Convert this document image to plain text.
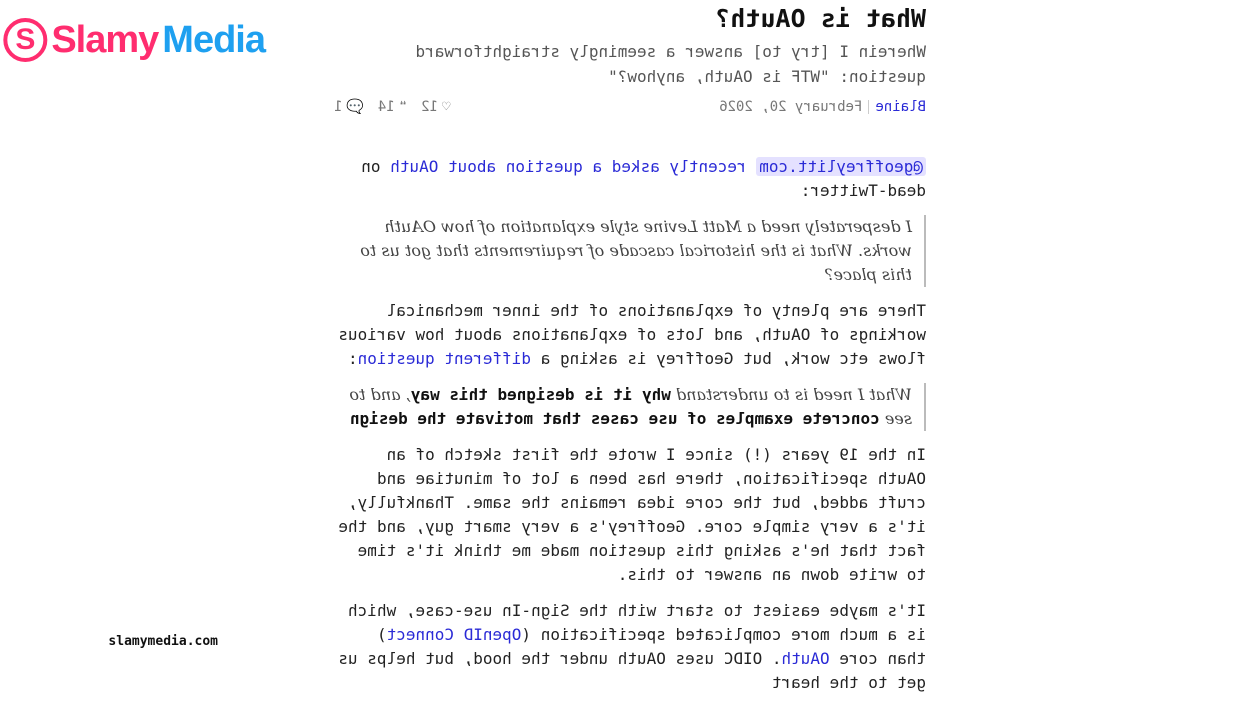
S Slamy Media	What is OAuth?

Wherein I [try to] answer a seemingly straightforward question: "WTF is OAuth, anyhow?"

BlaineFebruary 20, 2026
♡
12
❝
14
💬
1

@geoffreylitt.com recently asked a question about OAuth on dead-Twitter:

I desperately need a Matt Levine style explanation of how OAuth works. What is the historical cascade of requirements that got us to this place?

There are plenty of explanations of the inner mechanical workings of OAuth, and lots of explanations about how various flows etc work, but Geoffrey is asking a different question:

What I need is to understand why it is designed this way, and to see concrete examples of use cases that motivate the design

In the 19 years (!) since I wrote the first sketch of an OAuth specification, there has been a lot of minutiae and cruft added, but the core idea remains the same. Thankfully, it's a very simple core. Geoffrey's a very smart guy, and the fact that he's asking this question made me think it's time to write down an answer to this.

It's maybe easiest to start with the Sign-In use-case, which is a much more complicated specification (OpenID Connect) than core OAuth. OIDC uses OAuth under the hood, but helps us get to the heart

slamymedia.com
